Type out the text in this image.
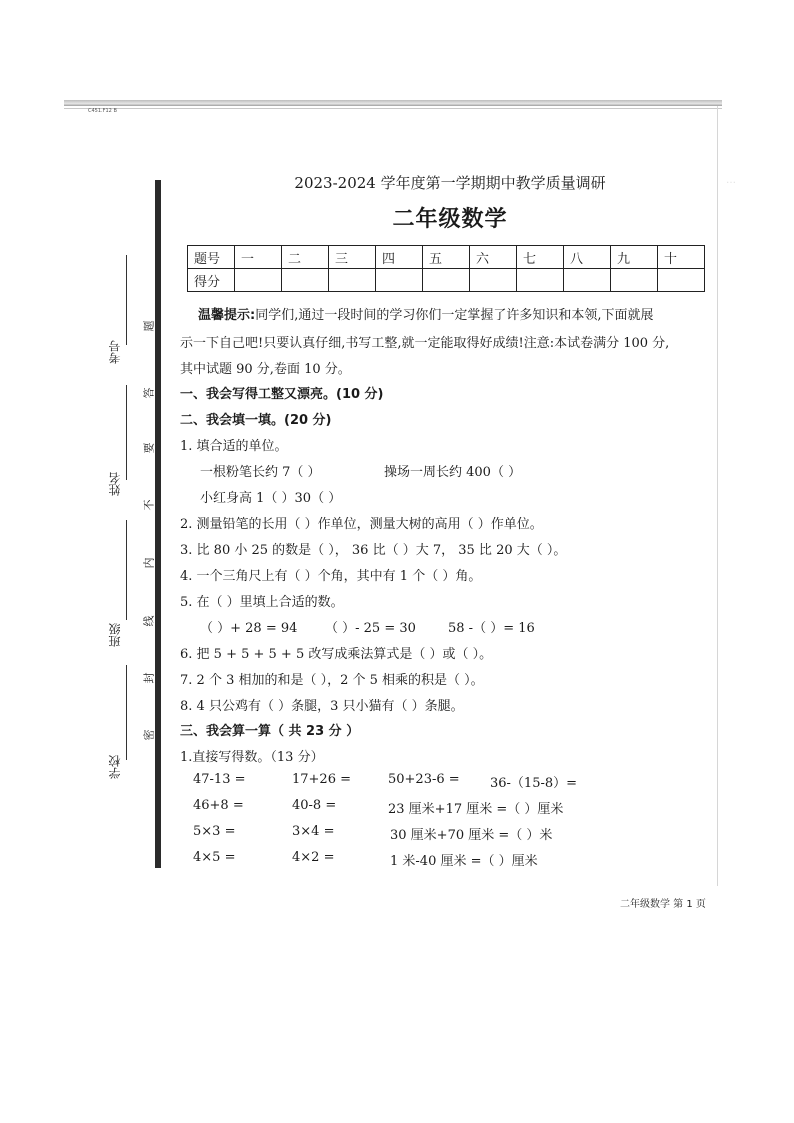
C451.F12 B
…
考号
姓名
班级
学校
题
答
要
不
内
线
封
密
2023-2024 学年度第一学期期中教学质量调研
二年级数学
题号	一	二	三	四	五	六	七	八	九	十
得分										
温馨提示:同学们,通过一段时间的学习你们一定掌握了许多知识和本领,下面就展
示一下自己吧!只要认真仔细,书写工整,就一定能取得好成绩!注意:本试卷满分 100 分,
其中试题 90 分,卷面 10 分。
一、我会写得工整又漂亮。(10 分)
二、我会填一填。(20 分)
1. 填合适的单位。
一根粉笔长约 7（ ）	操场一周长约 400（ ）
小红身高 1（ ）30（ ）
2. 测量铅笔的长用（ ）作单位，测量大树的高用（ ）作单位。
3. 比 80 小 25 的数是（ ）， 36 比（ ）大 7， 35 比 20 大（ ）。
4. 一个三角尺上有（ ）个角，其中有 1 个（ ）角。
5. 在（ ）里填上合适的数。
（ ）+ 28 = 94 （ ）- 25 = 30 58 -（ ）= 16
6. 把 5 + 5 + 5 + 5 改写成乘法算式是（ ）或（ ）。
7. 2 个 3 相加的和是（ ），2 个 5 相乘的积是（ ）。
8. 4 只公鸡有（ ）条腿，3 只小猫有（ ）条腿。
三、我会算一算（ 共 23 分 ）
1.直接写得数。（13 分）
47-13 =	17+26 =	50+23-6 = 36-（15-8）=
46+8 =	40-8 =	23 厘米+17 厘米 =（ ）厘米
5×3 =	3×4 =	30 厘米+70 厘米 =（ ）米
4×5 =	4×2 =	1 米-40 厘米 =（ ）厘米
二年级数学 第 1 页
